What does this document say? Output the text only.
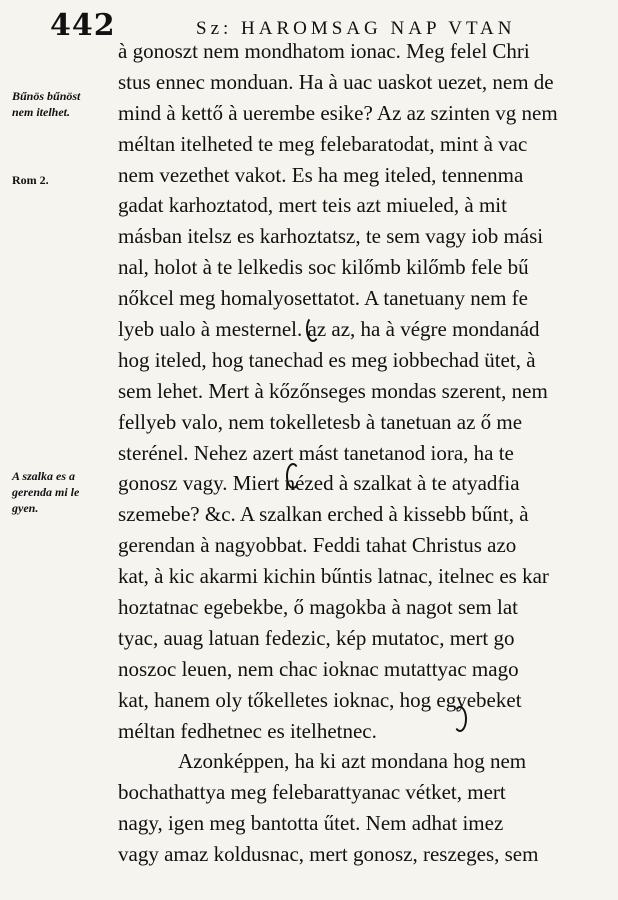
442	Sz: HAROMSAG NAP VTAN
Bűnös bűnöst
nem itelhet.
Rom 2.
A szalka es a
gerenda mi le
gyen.
à gonoszt nem mondhatom ionac. Meg felel Chri
stus ennec monduan. Ha à uac uaskot uezet, nem de
mind à kettő à uerembe esike? Az az szinten vg nem
méltan itelheted te meg felebaratodat, mint à vac
nem vezethet vakot. Es ha meg iteled, tennenma
gadat karhoztatod, mert teis azt miueled, à mit
másban itelsz es karhoztatsz, te sem vagy iob mási
nal, holot à te lelkedis soc kilőmb kilőmb fele bű
nőkcel meg homalyosettatot. A tanetuany nem fe
lyeb ualo à mesternel. az az, ha à végre mondanád
hog iteled, hog tanechad es meg iobbechad ütet, à
sem lehet. Mert à kőzőnseges mondas szerent, nem
fellyeb valo, nem tokelletesb à tanetuan az ő me
sterénel. Nehez azert mást tanetanod iora, ha te
gonosz vagy. Miert nézed à szalkat à te atyadfia
szemebe? &c. A szalkan erched à kissebb bűnt, à
gerendan à nagyobbat. Feddi tahat Christus azo
kat, à kic akarmi kichin bűntis latnac, itelnec es kar
hoztatnac egebekbe, ő magokba à nagot sem lat
tyac, auag latuan fedezic, kép mutatoc, mert go
noszoc leuen, nem chac ioknac mutattyac mago
kat, hanem oly tőkelletes ioknac, hog egyebeket
méltan fedhetnec es itelhetnec.
Azonképpen, ha ki azt mondana hog nem
bochathattya meg felebarattyanac vétket, mert
nagy, igen meg bantotta űtet. Nem adhat imez
vagy amaz koldusnac, mert gonosz, reszeges, sem
